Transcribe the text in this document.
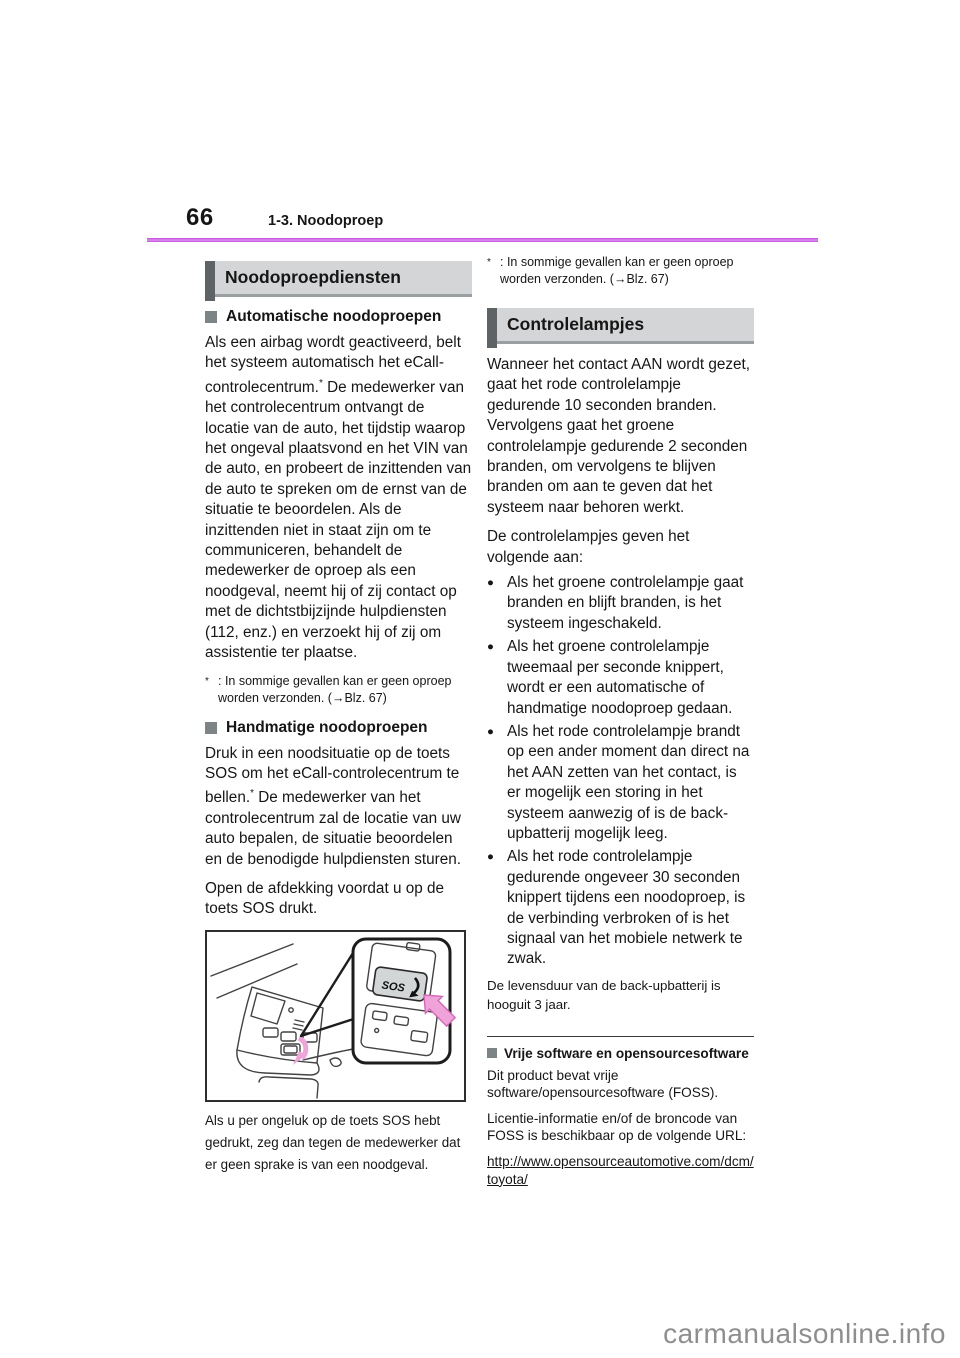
66	1-3. Noodoproep
Noodoproepdiensten
Automatische noodoproepen

Als een airbag wordt geactiveerd, belt het systeem automatisch het eCall-controlecentrum.* De medewerker van het controlecentrum ontvangt de locatie van de auto, het tijdstip waarop het ongeval plaatsvond en het VIN van de auto, en probeert de inzittenden van de auto te spreken om de ernst van de situatie te beoordelen. Als de inzittenden niet in staat zijn om te communiceren, behandelt de medewerker de oproep als een noodgeval, neemt hij of zij contact op met de dichtstbijzijnde hulpdiensten (112, enz.) en verzoekt hij of zij om assistentie ter plaatse.

* : In sommige gevallen kan er geen oproep worden verzonden. (→Blz. 67)
Handmatige noodoproepen

Druk in een noodsituatie op de toets SOS om het eCall-controlecentrum te bellen.* De medewerker van het controlecentrum zal de locatie van uw auto bepalen, de situatie beoordelen en de benodigde hulpdiensten sturen.

Open de afdekking voordat u op de toets SOS drukt.

SOS

Als u per ongeluk op de toets SOS hebt gedrukt, zeg dan tegen de medewerker dat er geen sprake is van een noodgeval.

* : In sommige gevallen kan er geen oproep worden verzonden. (→Blz. 67)
Controlelampjes

Wanneer het contact AAN wordt gezet, gaat het rode controlelampje gedurende 10 seconden branden. Vervolgens gaat het groene controlelampje gedurende 2 seconden branden, om vervolgens te blijven branden om aan te geven dat het systeem naar behoren werkt.

De controlelampjes geven het volgende aan:

● Als het groene controlelampje gaat branden en blijft branden, is het systeem ingeschakeld.
● Als het groene controlelampje tweemaal per seconde knippert, wordt er een automatische of handmatige noodoproep gedaan.
● Als het rode controlelampje brandt op een ander moment dan direct na het AAN zetten van het contact, is er mogelijk een storing in het systeem aanwezig of is de back-upbatterij mogelijk leeg.
● Als het rode controlelampje gedurende ongeveer 30 seconden knippert tijdens een noodoproep, is de verbinding verbroken of is het signaal van het mobiele netwerk te zwak.

De levensduur van de back-upbatterij is hooguit 3 jaar.

Vrije software en opensourcesoftware

Dit product bevat vrije software/opensourcesoftware (FOSS).

Licentie-informatie en/of de broncode van FOSS is beschikbaar op de volgende URL:

http://www.opensourceautomotive.com/dcm/toyota/
carmanualsonline.info
